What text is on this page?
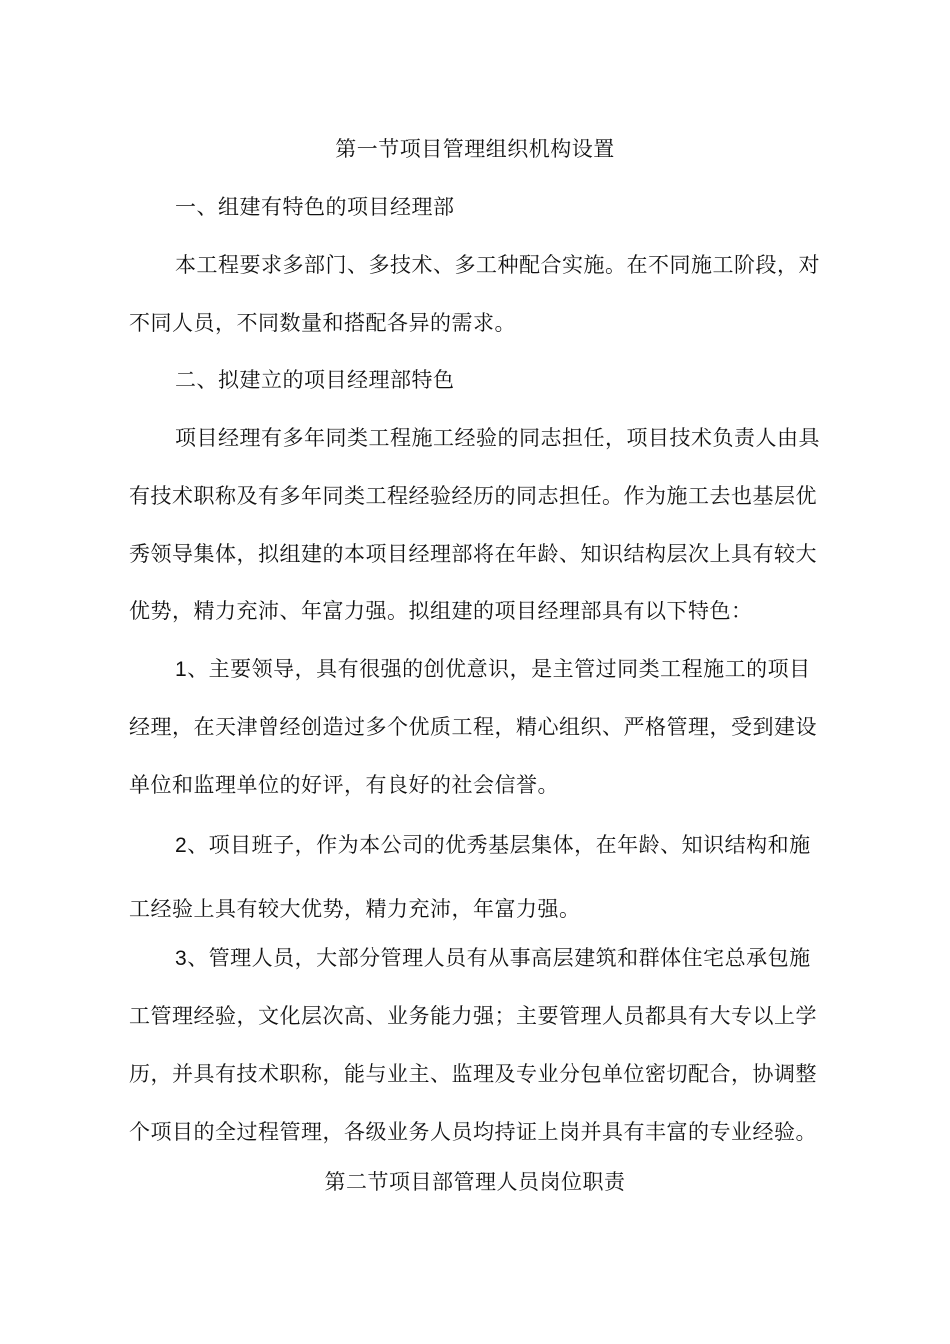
第一节项目管理组织机构设置
一、组建有特色的项目经理部
本工程要求多部门、多技术、多工种配合实施。在不同施工阶段，对
不同人员，不同数量和搭配各异的需求。
二、拟建立的项目经理部特色
项目经理有多年同类工程施工经验的同志担任，项目技术负责人由具
有技术职称及有多年同类工程经验经历的同志担任。作为施工去也基层优
秀领导集体，拟组建的本项目经理部将在年龄、知识结构层次上具有较大
优势，精力充沛、年富力强。拟组建的项目经理部具有以下特色：
1、主要领导，具有很强的创优意识，是主管过同类工程施工的项目
经理，在天津曾经创造过多个优质工程，精心组织、严格管理，受到建设
单位和监理单位的好评，有良好的社会信誉。
2、项目班子，作为本公司的优秀基层集体，在年龄、知识结构和施
工经验上具有较大优势，精力充沛，年富力强。
3、管理人员，大部分管理人员有从事高层建筑和群体住宅总承包施
工管理经验，文化层次高、业务能力强；主要管理人员都具有大专以上学
历，并具有技术职称，能与业主、监理及专业分包单位密切配合，协调整
个项目的全过程管理，各级业务人员均持证上岗并具有丰富的专业经验。
第二节项目部管理人员岗位职责
